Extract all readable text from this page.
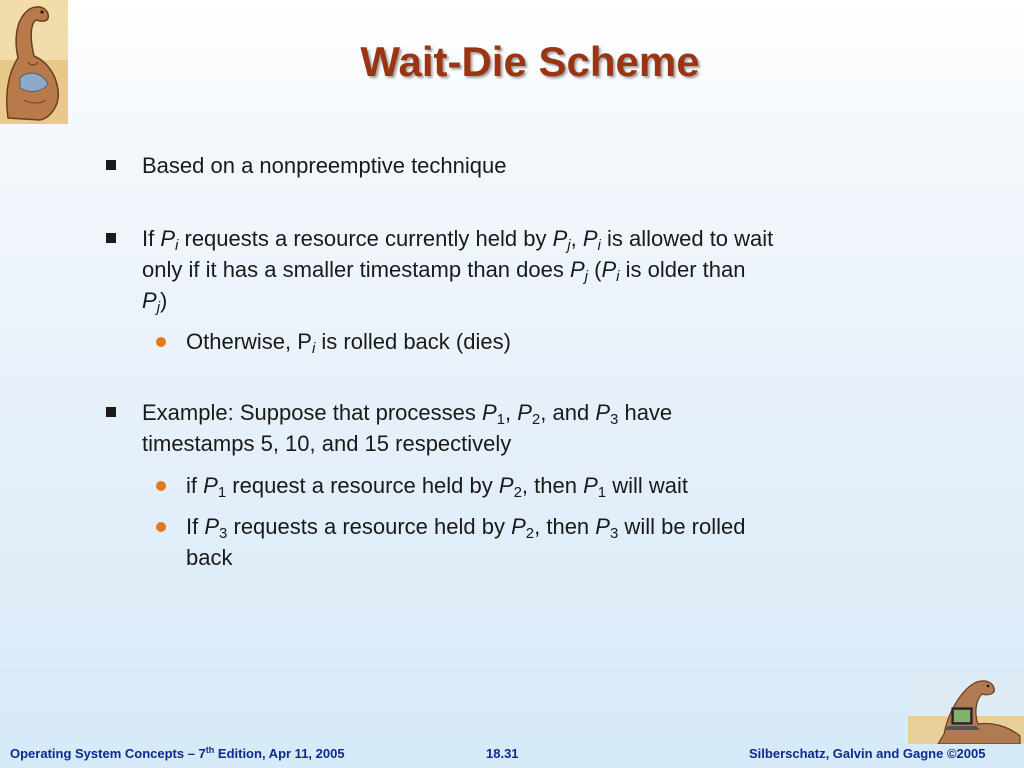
Wait-Die Scheme
Based on a nonpreemptive technique
If $P_i$ requests a resource currently held by $P_j$, $P_i$ is allowed to wait
only if it has a smaller timestamp than does $P_j$ ($P_i$ is older than
$P_j$)
Otherwise, $P_i$ is rolled back (dies)
Example: Suppose that processes $P_1$, $P_2$, and $P_3$ have
timestamps 5, 10, and 15 respectively
if $P_1$ request a resource held by $P_2$, then $P_1$ will wait
If $P_3$ requests a resource held by $P_2$, then $P_3$ will be rolled
back
Operating System Concepts – 7th Edition, Apr 11, 2005	18.31	Silberschatz, Galvin and Gagne ©2005
